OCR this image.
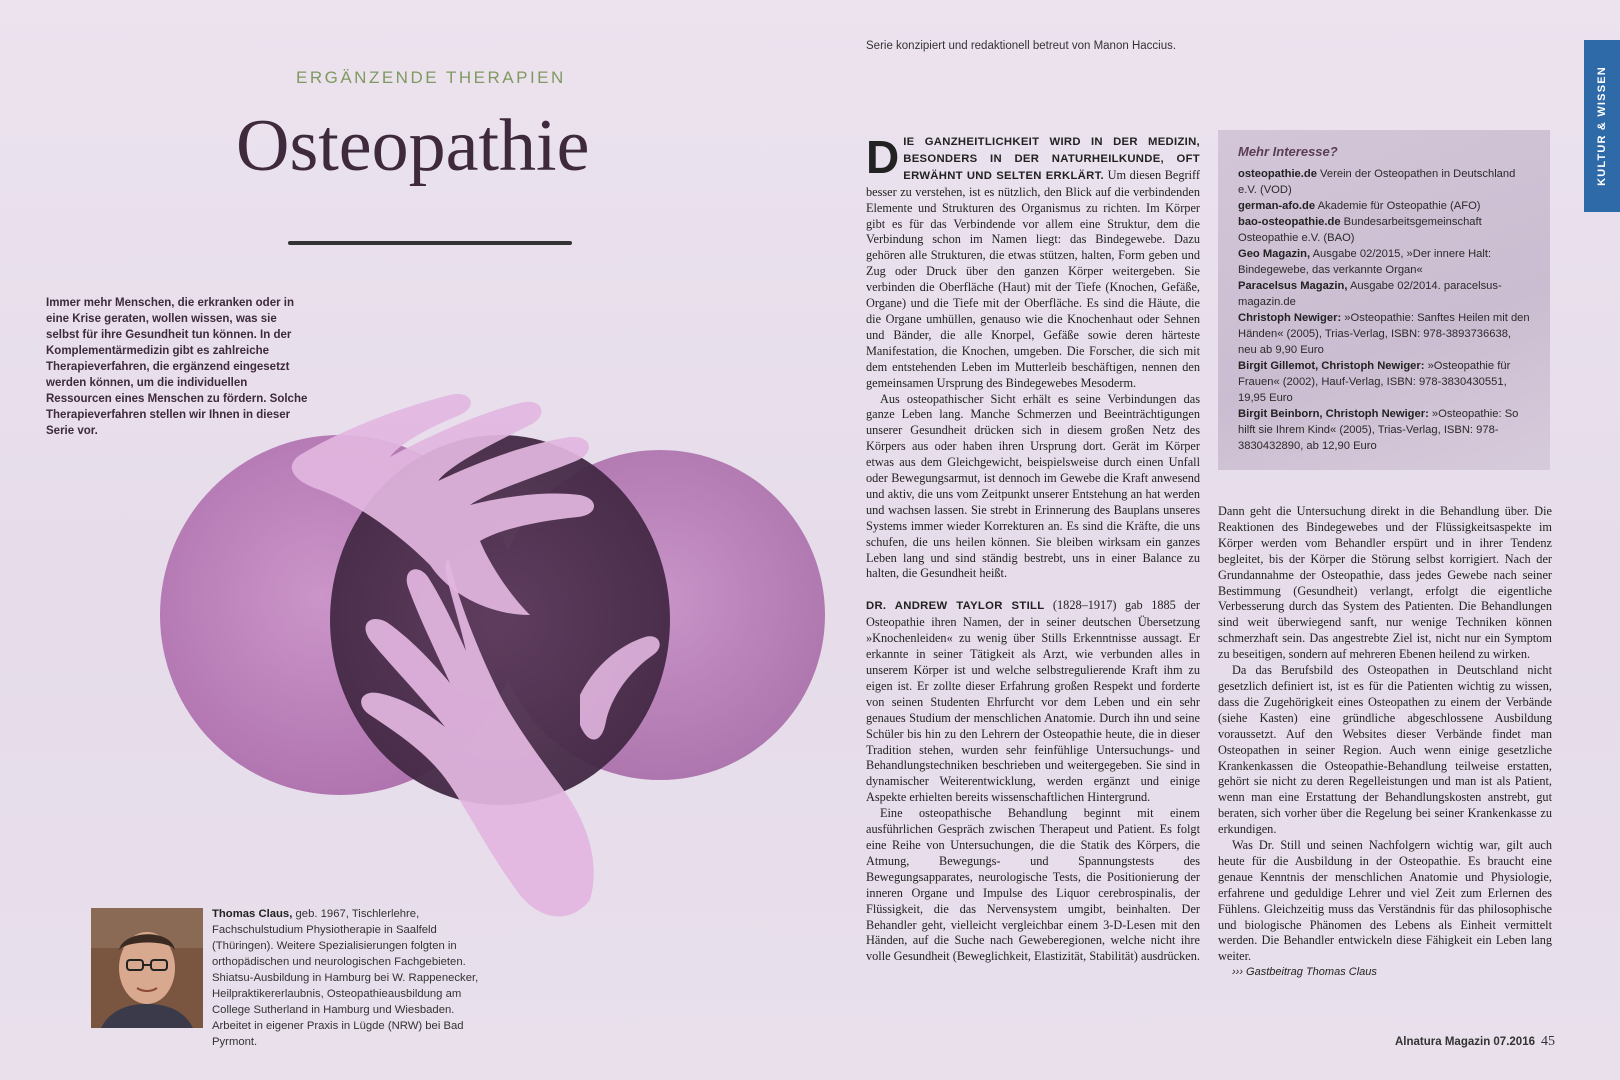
Serie konzipiert und redaktionell betreut von Manon Haccius.
ERGÄNZENDE THERAPIEN
Osteopathie
Immer mehr Menschen, die erkranken oder in eine Krise geraten, wollen wissen, was sie selbst für ihre Gesundheit tun können. In der Komplementärmedizin gibt es zahlreiche Therapieverfahren, die ergänzend eingesetzt werden können, um die individuellen Ressourcen eines Menschen zu fördern. Solche Therapieverfahren stellen wir Ihnen in dieser Serie vor.
Thomas Claus, geb. 1967, Tischlerlehre, Fachschulstudium Physiotherapie in Saalfeld (Thüringen). Weitere Spezialisierungen folgten in orthopädischen und neurologischen Fachgebieten. Shiatsu-Ausbildung in Hamburg bei W. Rappenecker, Heilpraktikererlaubnis, Osteopathieausbildung am College Sutherland in Hamburg und Wiesbaden. Arbeitet in eigener Praxis in Lügde (NRW) bei Bad Pyrmont.

DIE GANZHEITLICHKEIT WIRD IN DER MEDIZIN, BESONDERS IN DER NATURHEILKUNDE, OFT ERWÄHNT UND SELTEN ERKLÄRT. Um diesen Begriff besser zu verstehen, ist es nützlich, den Blick auf die verbindenden Elemente und Strukturen des Organismus zu richten. Im Körper gibt es für das Verbindende vor allem eine Struktur, dem die Verbindung schon im Namen liegt: das Bindegewebe. Dazu gehören alle Strukturen, die etwas stützen, halten, Form geben und Zug oder Druck über den ganzen Körper weitergeben. Sie verbinden die Oberfläche (Haut) mit der Tiefe (Knochen, Gefäße, Organe) und die Tiefe mit der Oberfläche. Es sind die Häute, die die Organe umhüllen, genauso wie die Knochenhaut oder Sehnen und Bänder, die alle Knorpel, Gefäße sowie deren härteste Manifestation, die Knochen, umgeben. Die Forscher, die sich mit dem entstehenden Leben im Mutterleib beschäftigen, nennen den gemeinsamen Ursprung des Bindegewebes Mesoderm.

Aus osteopathischer Sicht erhält es seine Verbindungen das ganze Leben lang. Manche Schmerzen und Beeinträchtigungen unserer Gesundheit drücken sich in diesem großen Netz des Körpers aus oder haben ihren Ursprung dort. Gerät im Körper etwas aus dem Gleichgewicht, beispielsweise durch einen Unfall oder Bewegungsarmut, ist dennoch im Gewebe die Kraft anwesend und aktiv, die uns vom Zeitpunkt unserer Entstehung an hat werden und wachsen lassen. Sie strebt in Erinnerung des Bauplans unseres Systems immer wieder Korrekturen an. Es sind die Kräfte, die uns schufen, die uns heilen können. Sie bleiben wirksam ein ganzes Leben lang und sind ständig bestrebt, uns in einer Balance zu halten, die Gesundheit heißt.

DR. ANDREW TAYLOR STILL (1828–1917) gab 1885 der Osteopathie ihren Namen, der in seiner deutschen Übersetzung »Knochenleiden« zu wenig über Stills Erkenntnisse aussagt. Er erkannte in seiner Tätigkeit als Arzt, wie verbunden alles in unserem Körper ist und welche selbstregulierende Kraft ihm zu eigen ist. Er zollte dieser Erfahrung großen Respekt und forderte von seinen Studenten Ehrfurcht vor dem Leben und ein sehr genaues Studium der menschlichen Anatomie. Durch ihn und seine Schüler bis hin zu den Lehrern der Osteopathie heute, die in dieser Tradition stehen, wurden sehr feinfühlige Untersuchungs- und Behandlungstechniken beschrieben und weitergegeben. Sie sind in dynamischer Weiterentwicklung, werden ergänzt und einige Aspekte erhielten bereits wissenschaftlichen Hintergrund.

Eine osteopathische Behandlung beginnt mit einem ausführlichen Gespräch zwischen Therapeut und Patient. Es folgt eine Reihe von Untersuchungen, die die Statik des Körpers, die Atmung, Bewegungs- und Spannungstests des Bewegungsapparates, neurologische Tests, die Positionierung der inneren Organe und Impulse des Liquor cerebrospinalis, der Flüssigkeit, die das Nervensystem umgibt, beinhalten. Der Behandler geht, vielleicht vergleichbar einem 3-D-Lesen mit den Händen, auf die Suche nach Geweberegionen, welche nicht ihre volle Gesundheit (Beweglichkeit, Elastizität, Stabilität) ausdrücken.

Dann geht die Untersuchung direkt in die Behandlung über. Die Reaktionen des Bindegewebes und der Flüssigkeitsaspekte im Körper werden vom Behandler erspürt und in ihrer Tendenz begleitet, bis der Körper die Störung selbst korrigiert. Nach der Grundannahme der Osteopathie, dass jedes Gewebe nach seiner Bestimmung (Gesundheit) verlangt, erfolgt die eigentliche Verbesserung durch das System des Patienten. Die Behandlungen sind weit überwiegend sanft, nur wenige Techniken können schmerzhaft sein. Das angestrebte Ziel ist, nicht nur ein Symptom zu beseitigen, sondern auf mehreren Ebenen heilend zu wirken.

Da das Berufsbild des Osteopathen in Deutschland nicht gesetzlich definiert ist, ist es für die Patienten wichtig zu wissen, dass die Zugehörigkeit eines Osteopathen zu einem der Verbände (siehe Kasten) eine gründliche abgeschlossene Ausbildung voraussetzt. Auf den Websites dieser Verbände findet man Osteopathen in seiner Region. Auch wenn einige gesetzliche Krankenkassen die Osteopathie-Behandlung teilweise erstatten, gehört sie nicht zu deren Regelleistungen und man ist als Patient, wenn man eine Erstattung der Behandlungskosten anstrebt, gut beraten, sich vorher über die Regelung bei seiner Krankenkasse zu erkundigen.

Was Dr. Still und seinen Nachfolgern wichtig war, gilt auch heute für die Ausbildung in der Osteopathie. Es braucht eine genaue Kenntnis der menschlichen Anatomie und Physiologie, erfahrene und geduldige Lehrer und viel Zeit zum Erlernen des Fühlens. Gleichzeitig muss das Verständnis für das philosophische und biologische Phänomen des Lebens als Einheit vermittelt werden. Die Behandler entwickeln diese Fähigkeit ein Leben lang weiter.

››› Gastbeitrag Thomas Claus

Mehr Interesse?

osteopathie.de Verein der Osteopathen in Deutschland e.V. (VOD)

german-afo.de Akademie für Osteopathie (AFO)

bao-osteopathie.de Bundesarbeitsgemeinschaft Osteopathie e.V. (BAO)

Geo Magazin, Ausgabe 02/2015, »Der innere Halt: Bindegewebe, das verkannte Organ«

Paracelsus Magazin, Ausgabe 02/2014. paracelsus-magazin.de

Christoph Newiger: »Osteopathie: Sanftes Heilen mit den Händen« (2005), Trias-Verlag, ISBN: 978-3893736638, neu ab 9,90 Euro

Birgit Gillemot, Christoph Newiger: »Osteopathie für Frauen« (2002), Hauf-Verlag, ISBN: 978-3830430551, 19,95 Euro

Birgit Beinborn, Christoph Newiger: »Osteopathie: So hilft sie Ihrem Kind« (2005), Trias-Verlag, ISBN: 978-3830432890, ab 12,90 Euro

KULTUR & WISSEN
Alnatura Magazin 07.2016 45
